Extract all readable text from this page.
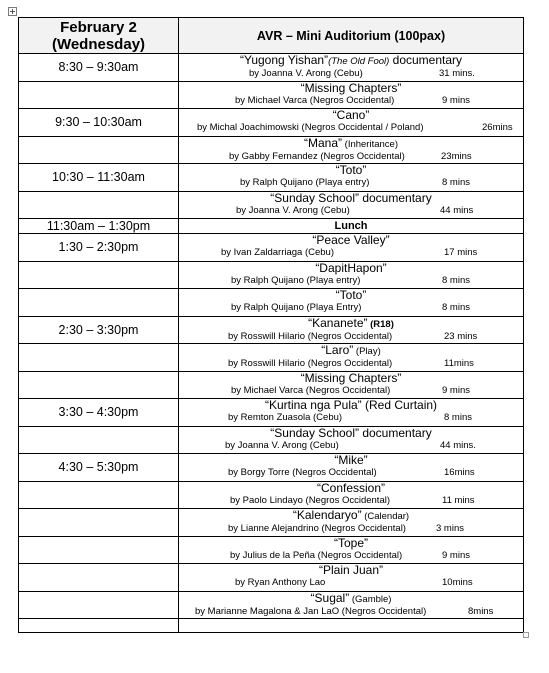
February 2
(Wednesday)	AVR – Mini Auditorium (100pax)
8:30 – 9:30am	“Yugong Yishan”(The Old Fool) documentary
by Joanna V. Arong (Cebu) 31 mins.

	“Missing Chapters”
by Michael Varca (Negros Occidental) 9 mins

9:30 – 10:30am	“Cano”
by Michal Joachimowski (Negros Occidental / Poland) 26mins

	“Mana” (Inheritance)
by Gabby Fernandez (Negros Occidental) 23mins

10:30 – 11:30am	“Toto”
by Ralph Quijano (Playa entry) 8 mins

	“Sunday School” documentary
by Joanna V. Arong (Cebu) 44 mins

11:30am – 1:30pm	Lunch
1:30 – 2:30pm	“Peace Valley”
by Ivan Zaldarriaga (Cebu) 17 mins

	“DapitHapon”
by Ralph Quijano (Playa entry) 8 mins

	“Toto”
by Ralph Quijano (Playa Entry) 8 mins

2:30 – 3:30pm	“Kananete” (R18)
by Rosswill Hilario (Negros Occidental) 23 mins

	“Laro” (Play)
by Rosswill Hilario (Negros Occidental) 11mins

	“Missing Chapters”
by Michael Varca (Negros Occidental) 9 mins

3:30 – 4:30pm	“Kurtina nga Pula” (Red Curtain)
by Remton Zuasola (Cebu) 8 mins

	“Sunday School” documentary
by Joanna V. Arong (Cebu) 44 mins.

4:30 – 5:30pm	“Mike”
by Borgy Torre (Negros Occidental) 16mins

	“Confession”
by Paolo Lindayo (Negros Occidental) 11 mins

	“Kalendaryo” (Calendar)
by Lianne Alejandrino (Negros Occidental) 3 mins

	“Tope”
by Julius de la Peña (Negros Occidental) 9 mins

	“Plain Juan”
by Ryan Anthony Lao 10mins

	“Sugal” (Gamble)
by Marianne Magalona & Jan LaO (Negros Occidental) 8mins
